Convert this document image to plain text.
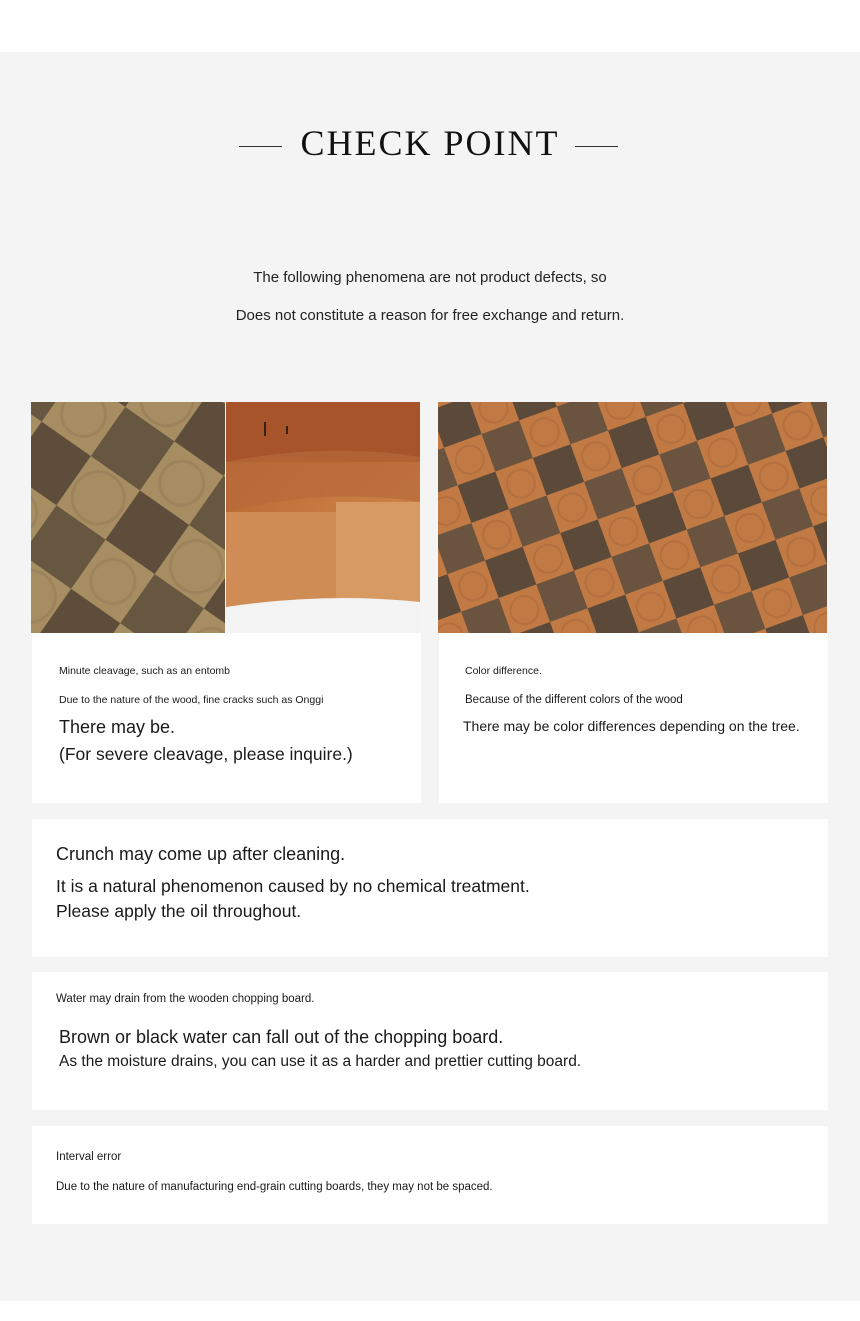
CHECK POINT
The following phenomena are not product defects, so
Does not constitute a reason for free exchange and return.
Minute cleavage, such as an entomb
Due to the nature of the wood, fine cracks such as Onggi
There may be.
(For severe cleavage, please inquire.)
Color difference.
Because of the different colors of the wood
There may be color differences depending on the tree.
Crunch may come up after cleaning.
It is a natural phenomenon caused by no chemical treatment.
Please apply the oil throughout.
Water may drain from the wooden chopping board.
Brown or black water can fall out of the chopping board.
As the moisture drains, you can use it as a harder and prettier cutting board.
Interval error
Due to the nature of manufacturing end-grain cutting boards, they may not be spaced.
